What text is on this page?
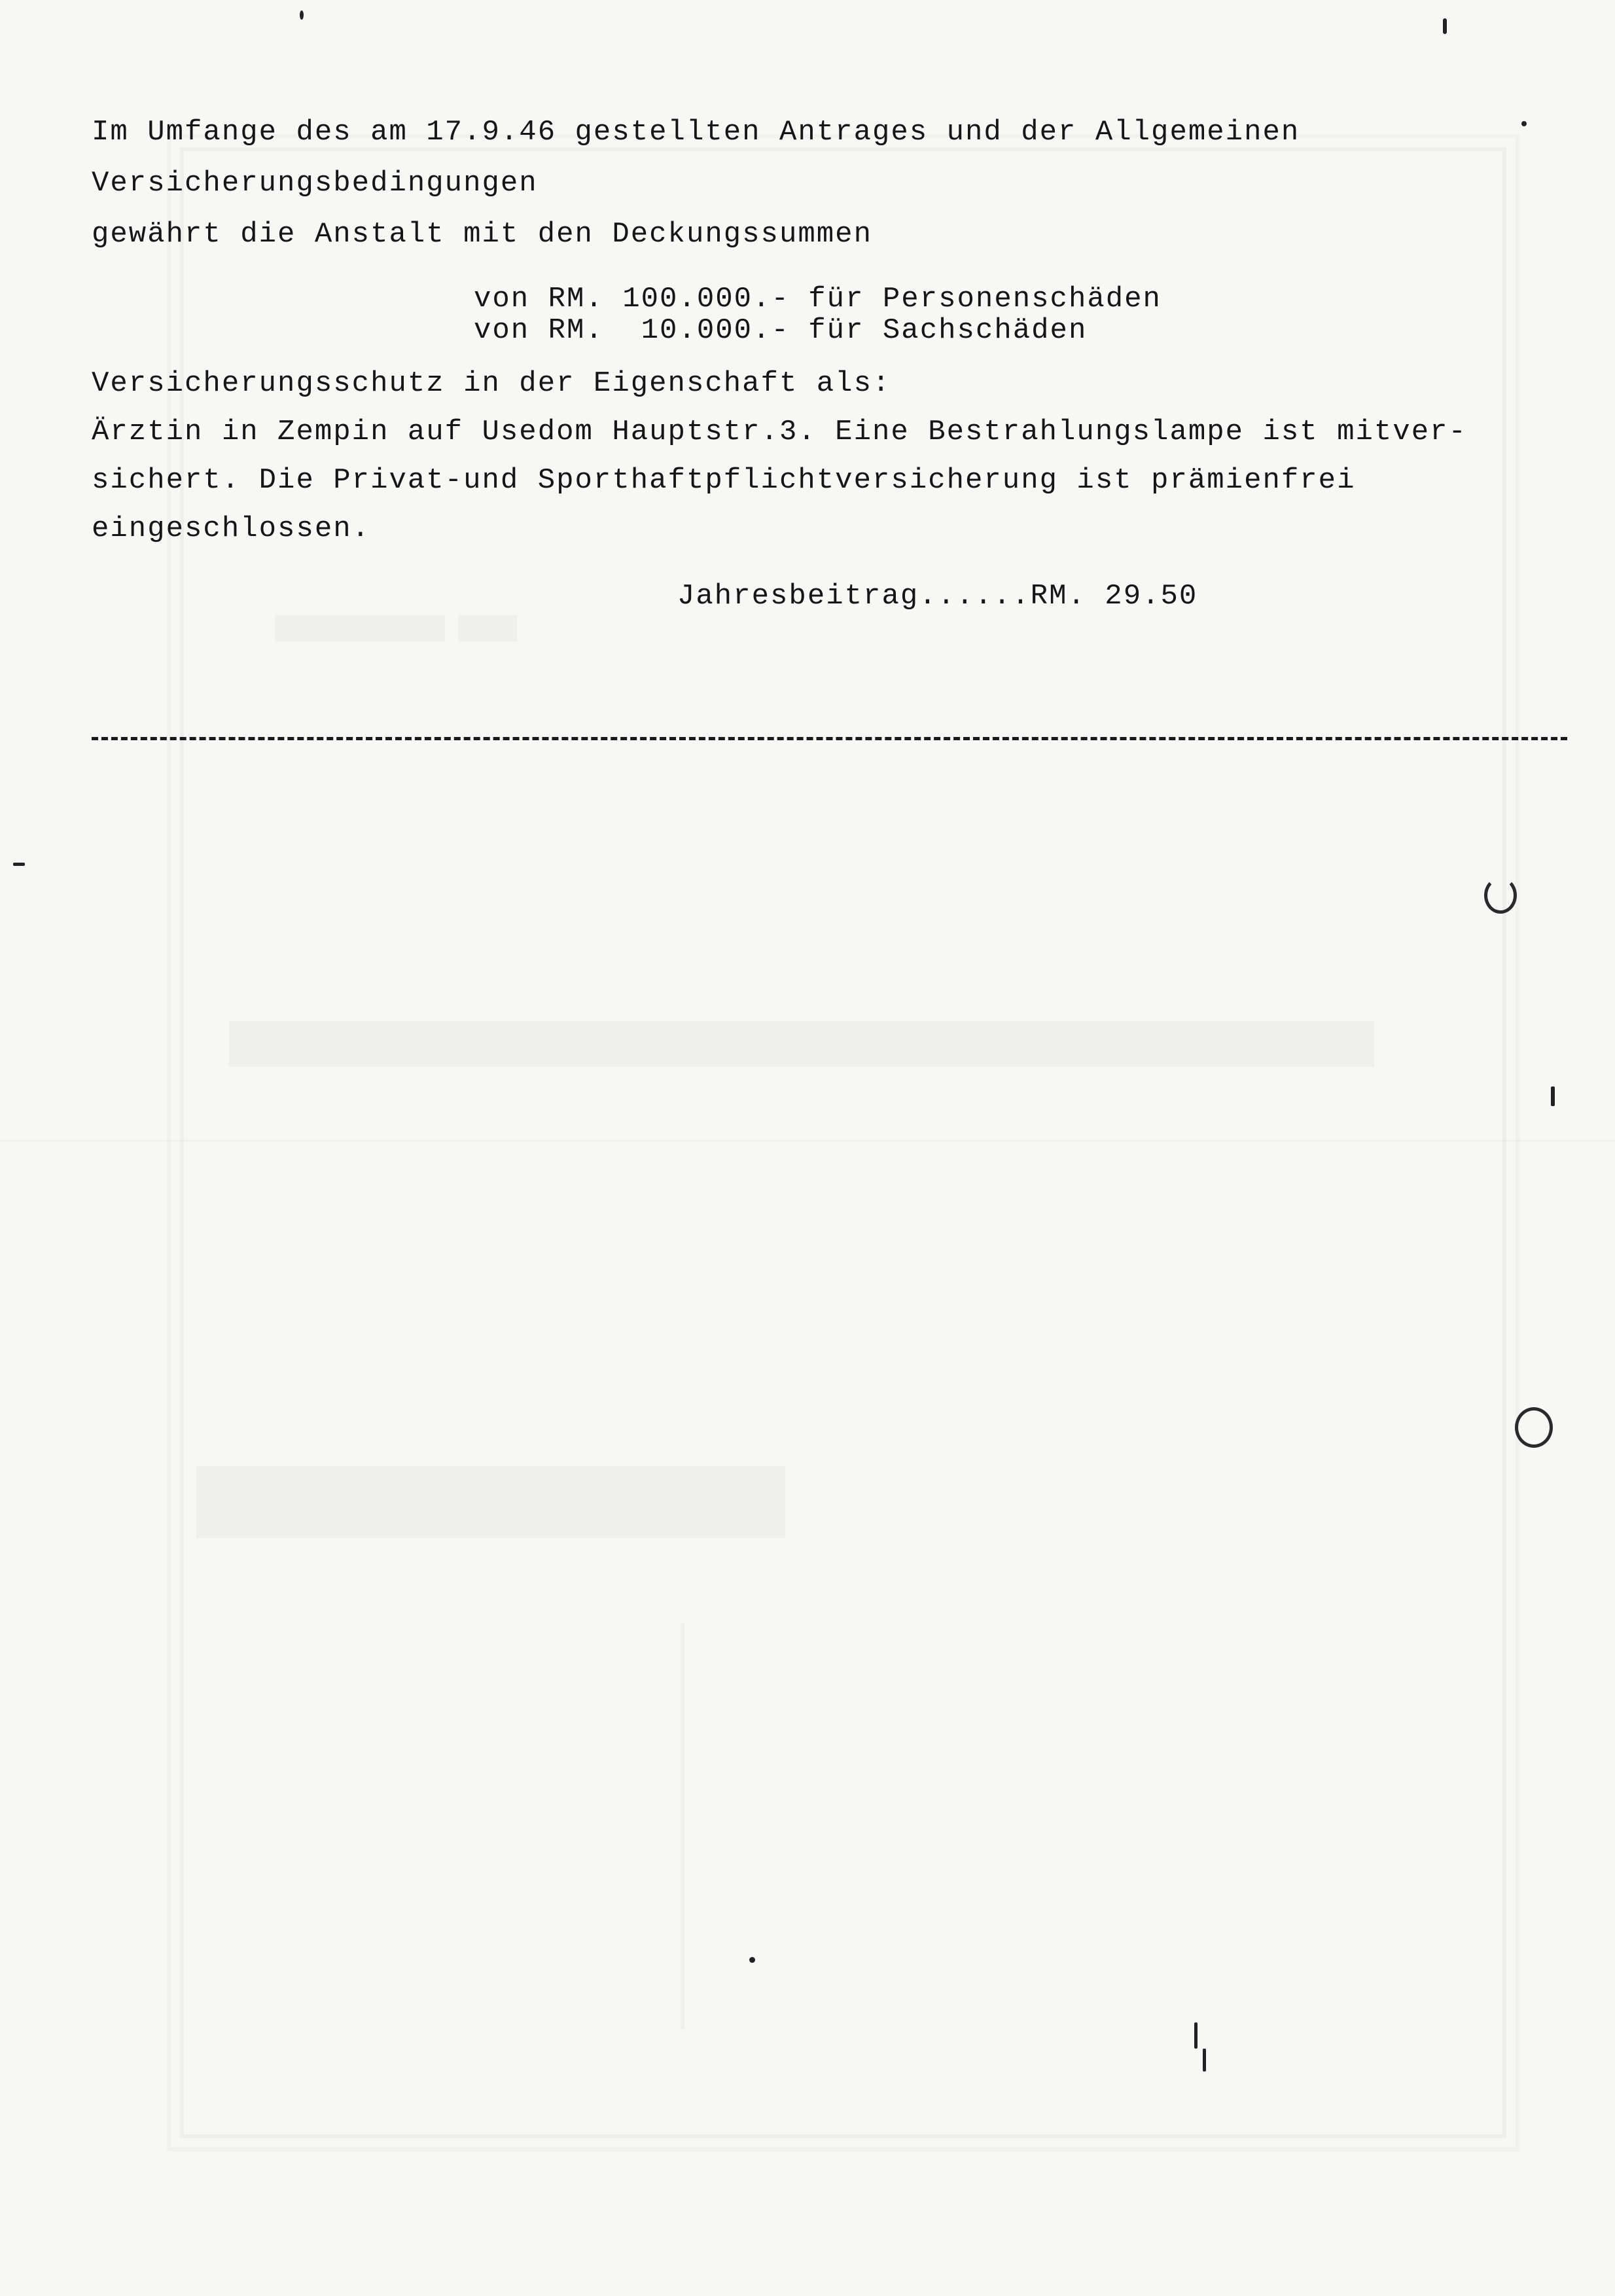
Im Umfange des am 17.9.46 gestellten Antrages und der Allgemeinen
Versicherungsbedingungen
gewährt die Anstalt mit den Deckungssummen
von RM. 100.000.- für Personenschäden
von RM.  10.000.- für Sachschäden
Versicherungsschutz in der Eigenschaft als:
Ärztin in Zempin auf Usedom Hauptstr.3. Eine Bestrahlungslampe ist mitver-
sichert. Die Privat-und Sporthaftpflichtversicherung ist prämienfrei
eingeschlossen.
Jahresbeitrag......RM. 29.50
